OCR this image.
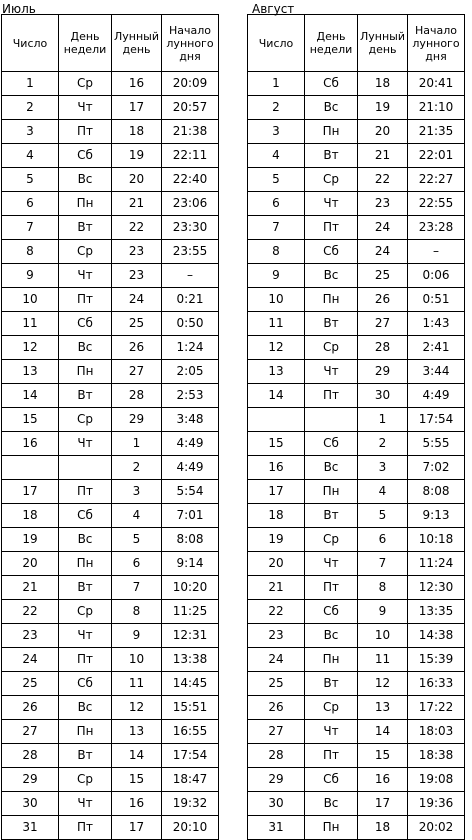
Июль
Число	День недели	Лунный день	Начало лунного дня
1	Ср	16	20:09
2	Чт	17	20:57
3	Пт	18	21:38
4	Сб	19	22:11
5	Вс	20	22:40
6	Пн	21	23:06
7	Вт	22	23:30
8	Ср	23	23:55
9	Чт	23	–
10	Пт	24	0:21
11	Сб	25	0:50
12	Вс	26	1:24
13	Пн	27	2:05
14	Вт	28	2:53
15	Ср	29	3:48
16	Чт	1	4:49
		2	4:49
17	Пт	3	5:54
18	Сб	4	7:01
19	Вс	5	8:08
20	Пн	6	9:14
21	Вт	7	10:20
22	Ср	8	11:25
23	Чт	9	12:31
24	Пт	10	13:38
25	Сб	11	14:45
26	Вс	12	15:51
27	Пн	13	16:55
28	Вт	14	17:54
29	Ср	15	18:47
30	Чт	16	19:32
31	Пт	17	20:10
Август
Число	День недели	Лунный день	Начало лунного дня
1	Сб	18	20:41
2	Вс	19	21:10
3	Пн	20	21:35
4	Вт	21	22:01
5	Ср	22	22:27
6	Чт	23	22:55
7	Пт	24	23:28
8	Сб	24	–
9	Вс	25	0:06
10	Пн	26	0:51
11	Вт	27	1:43
12	Ср	28	2:41
13	Чт	29	3:44
14	Пт	30	4:49
		1	17:54
15	Сб	2	5:55
16	Вс	3	7:02
17	Пн	4	8:08
18	Вт	5	9:13
19	Ср	6	10:18
20	Чт	7	11:24
21	Пт	8	12:30
22	Сб	9	13:35
23	Вс	10	14:38
24	Пн	11	15:39
25	Вт	12	16:33
26	Ср	13	17:22
27	Чт	14	18:03
28	Пт	15	18:38
29	Сб	16	19:08
30	Вс	17	19:36
31	Пн	18	20:02
